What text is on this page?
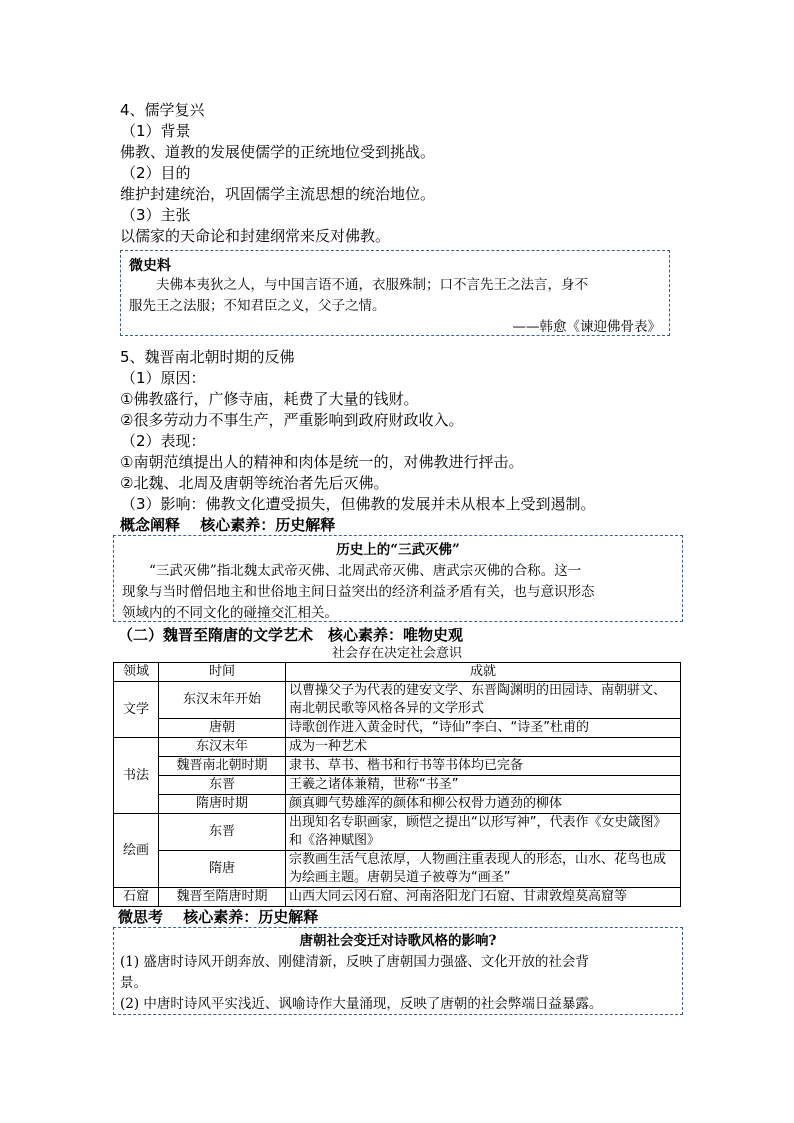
4、儒学复兴
（1）背景
佛教、道教的发展使儒学的正统地位受到挑战。
（2）目的
维护封建统治，巩固儒学主流思想的统治地位。
（3）主张
以儒家的天命论和封建纲常来反对佛教。
微史料

夫佛本夷狄之人，与中国言语不通，衣服殊制；口不言先王之法言，身不

服先王之法服；不知君臣之义，父子之情。

——韩愈《谏迎佛骨表》

5、魏晋南北朝时期的反佛
（1）原因：
①佛教盛行，广修寺庙，耗费了大量的钱财。
②很多劳动力不事生产，严重影响到政府财政收入。
（2）表现：
①南朝范缜提出人的精神和肉体是统一的，对佛教进行抨击。
②北魏、北周及唐朝等统治者先后灭佛。
（3）影响：佛教文化遭受损失，但佛教的发展并未从根本上受到遏制。
概念阐释　 核心素养：历史解释

历史上的“三武灭佛”

“三武灭佛”指北魏太武帝灭佛、北周武帝灭佛、唐武宗灭佛的合称。这一

现象与当时僧侣地主和世俗地主间日益突出的经济利益矛盾有关，也与意识形态

领域内的不同文化的碰撞交汇相关。

（二）魏晋至隋唐的文学艺术　核心素养：唯物史观
社会存在决定社会意识
领域	时间	成就
文学	东汉末年开始	以曹操父子为代表的建安文学、东晋陶渊明的田园诗、南朝骈文、南北朝民歌等风格各异的文学形式
	唐朝	诗歌创作进入黄金时代，“诗仙”李白、“诗圣”杜甫的
书法	东汉末年	成为一种艺术
	魏晋南北朝时期	隶书、草书、楷书和行书等书体均已完备
	东晋	王羲之诸体兼精，世称“书圣”
	隋唐时期	颜真卿气势雄浑的颜体和柳公权骨力遒劲的柳体
绘画	东晋	出现知名专职画家，顾恺之提出“以形写神”，代表作《女史箴图》和《洛神赋图》
	隋唐	宗教画生活气息浓厚，人物画注重表现人的形态，山水、花鸟也成为绘画主题。唐朝吴道子被尊为“画圣”
石窟	魏晋至隋唐时期	山西大同云冈石窟、河南洛阳龙门石窟、甘肃敦煌莫高窟等
微思考　 核心素养：历史解释

唐朝社会变迁对诗歌风格的影响?

(1) 盛唐时诗风开朗奔放、刚健清新，反映了唐朝国力强盛、文化开放的社会背

景。

(2) 中唐时诗风平实浅近、讽喻诗作大量涌现，反映了唐朝的社会弊端日益暴露。
